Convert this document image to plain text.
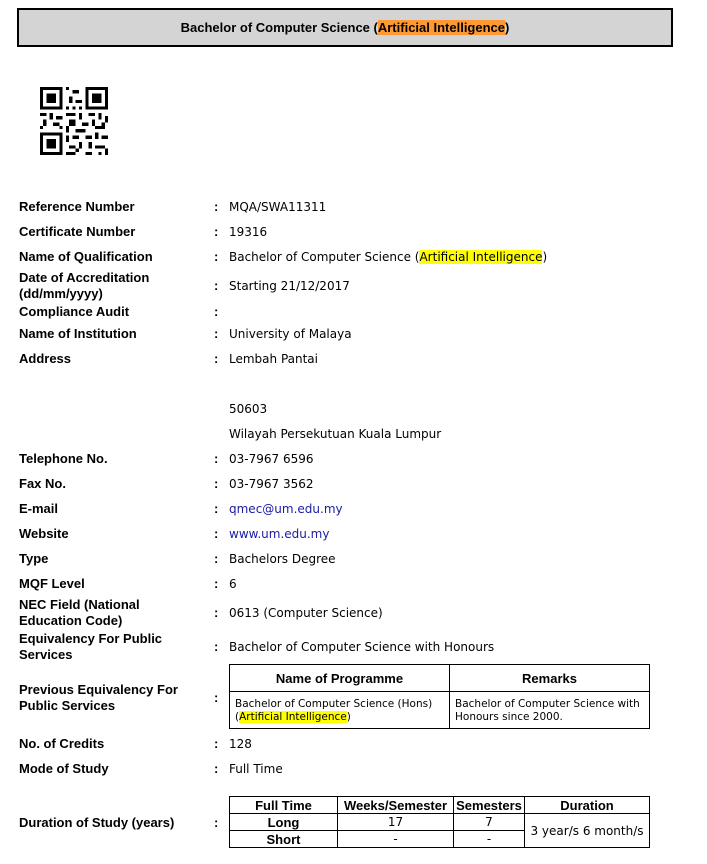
Bachelor of Computer Science ( Artificial Intelligence )
Reference Number	: MQA/SWA11311
Certificate Number	: 19316
Name of Qualification	: Bachelor of Computer Science (Artificial Intelligence)
Date of Accreditation (dd/mm/yyyy)
: Starting 21/12/2017
Compliance Audit	:
Name of Institution	: University of Malaya
Address	: Lembah Pantai
50603
Wilayah Persekutuan Kuala Lumpur
Telephone No.	: 03-7967 6596
Fax No.	: 03-7967 3562
E-mail	: qmec@um.edu.my
Website	: www.um.edu.my
Type	: Bachelors Degree
MQF Level	: 6
NEC Field (National Education Code)
: 0613 (Computer Science)
Equivalency For Public Services
: Bachelor of Computer Science with Honours
Previous Equivalency For Public Services
:
Name of Programme	Remarks
Bachelor of Computer Science (Hons) (Artificial Intelligence)	Bachelor of Computer Science with Honours since 2000.
No. of Credits	: 128
Mode of Study	: Full Time
Duration of Study (years)	:
Full Time	Weeks/Semester	Semesters	Duration
Long	17	7	3 year/s 6 month/s
Short	-	-	
